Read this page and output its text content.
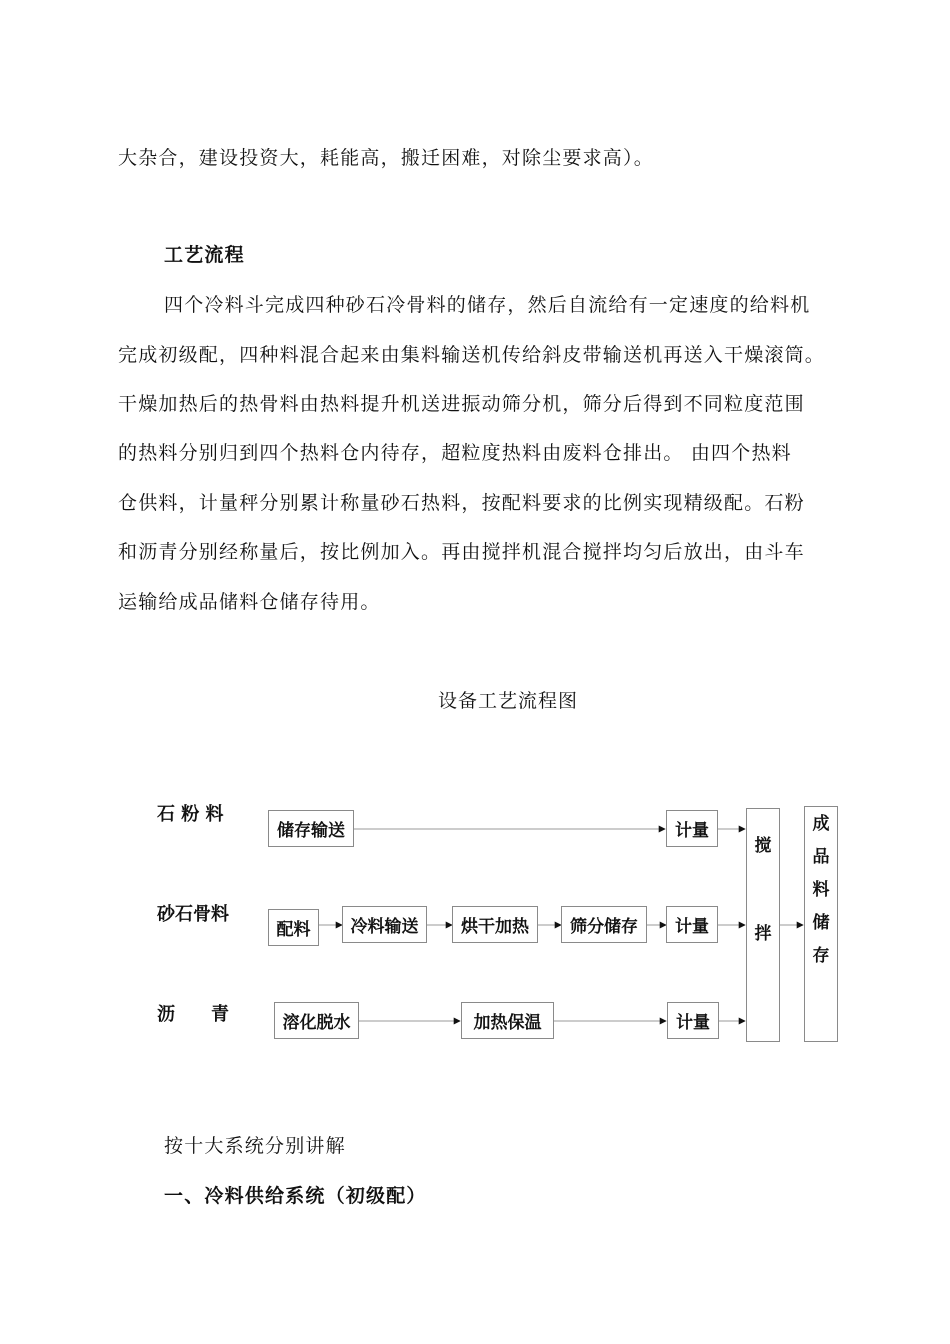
大杂合，建设投资大，耗能高，搬迁困难，对除尘要求高）。
工艺流程
四个冷料斗完成四种砂石冷骨料的储存，然后自流给有一定速度的给料机
完成初级配，四种料混合起来由集料输送机传给斜皮带输送机再送入干燥滚筒。
干燥加热后的热骨料由热料提升机送进振动筛分机，筛分后得到不同粒度范围
的热料分别归到四个热料仓内待存，超粒度热料由废料仓排出。 由四个热料
仓供料，计量秤分别累计称量砂石热料，按配料要求的比例实现精级配。石粉
和沥青分别经称量后，按比例加入。再由搅拌机混合搅拌均匀后放出，由斗车
运输给成品储料仓储存待用。
设备工艺流程图
石 粉 料
砂石骨料
沥　　青
储存输送	计量
配料	冷料输送	烘干加热	筛分储存	计量
溶化脱水	加热保温	计量
搅
拌
成
品
料
储
存
按十大系统分别讲解
一、冷料供给系统（初级配）
